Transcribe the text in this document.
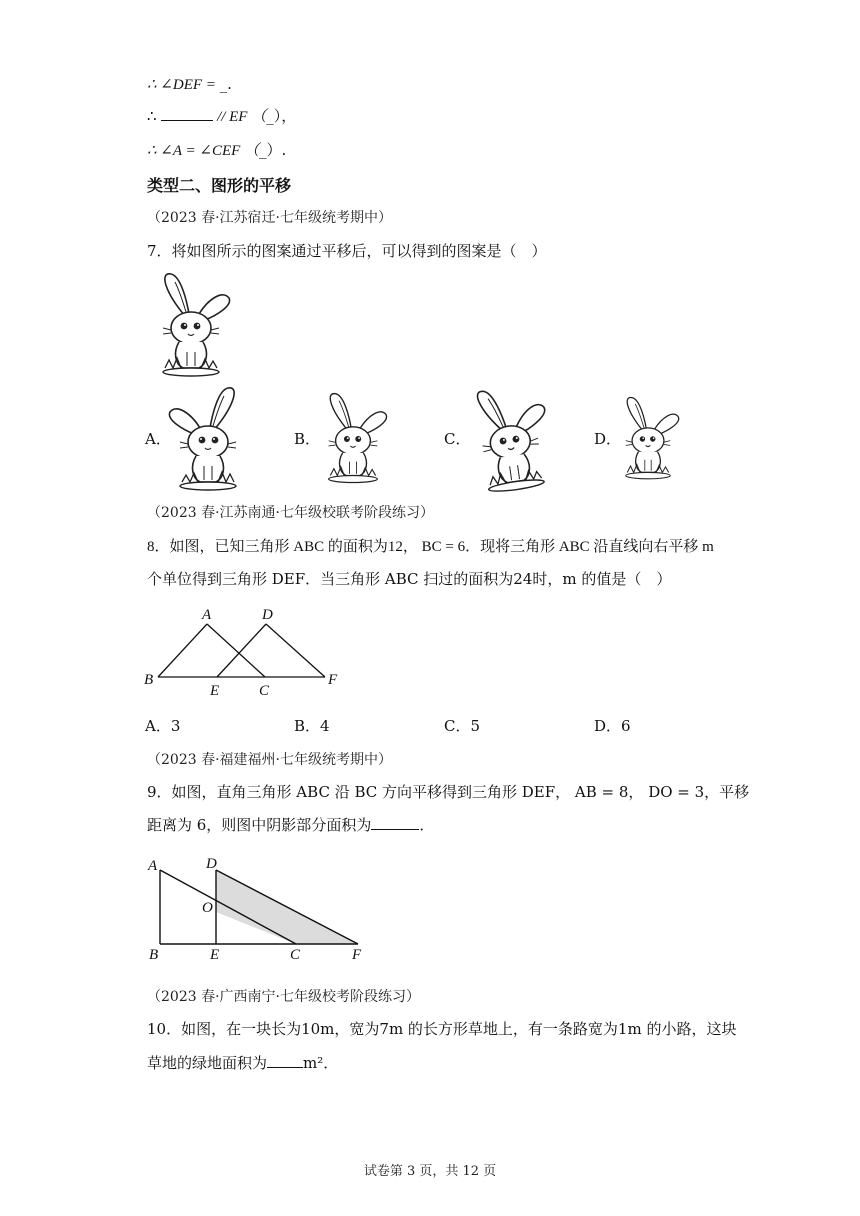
∴ ∠DEF = _.
∴	// EF （_），
∴ ∠A = ∠CEF （_）.
类型二、图形的平移
（2023 春·江苏宿迁·七年级统考期中）
7．将如图所示的图案通过平移后，可以得到的图案是（　）
A．	B．	C．	D．
（2023 春·江苏南通·七年级校联考阶段练习）
8．如图，已知三角形 ABC 的面积为12， BC = 6．现将三角形 ABC 沿直线向右平移 m
个单位得到三角形 DEF．当三角形 ABC 扫过的面积为24时，m 的值是（　）
A	D
B
E	C
F
A．3	B．4	C．5	D．6
（2023 春·福建福州·七年级统考期中）
9．如图，直角三角形 ABC 沿 BC 方向平移得到三角形 DEF， AB = 8， DO = 3，平移
距离为 6，则图中阴影部分面积为	．
A	D
O
B	E	C	F
（2023 春·广西南宁·七年级校考阶段练习）
10．如图，在一块长为10m，宽为7m 的长方形草地上，有一条路宽为1m 的小路，这块
草地的绿地面积为 m²．
试卷第 3 页，共 12 页
